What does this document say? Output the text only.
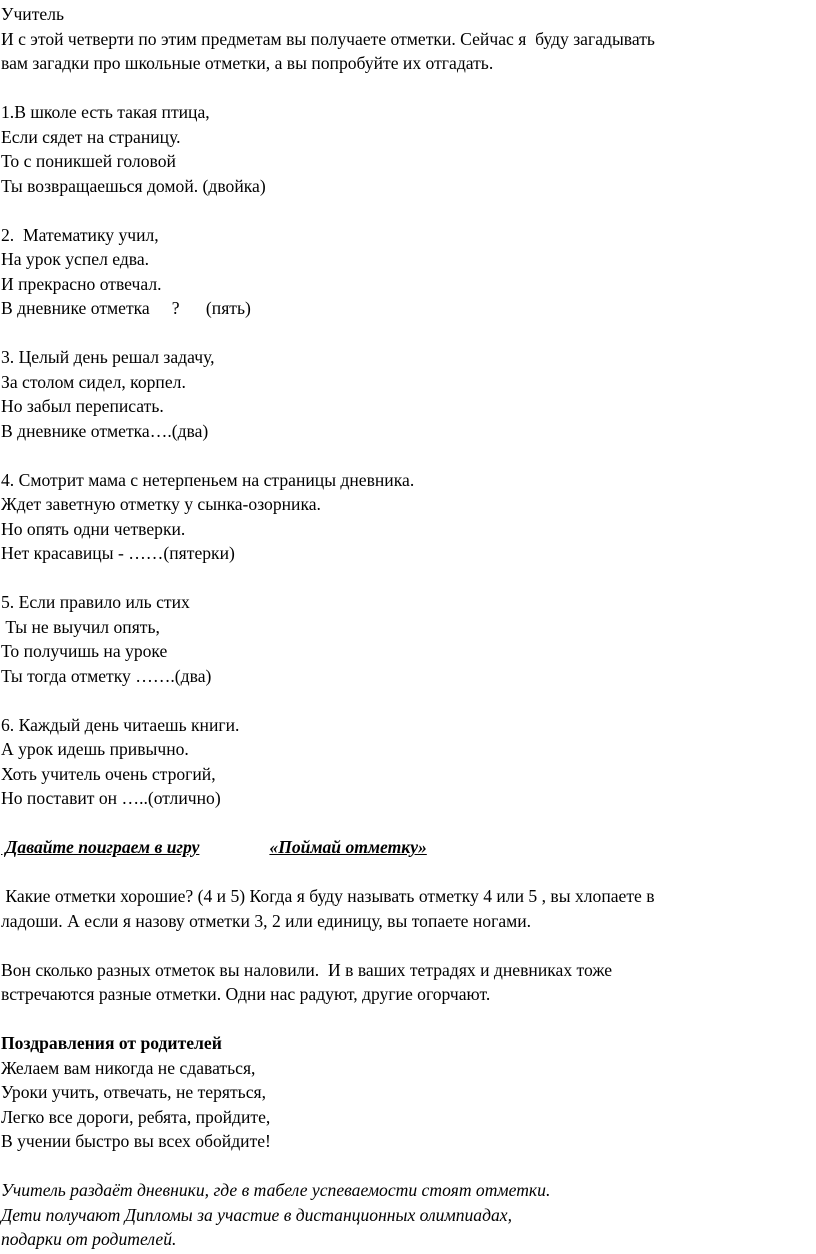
Учитель
И с этой четверти по этим предметам вы получаете отметки. Сейчас я  буду загадывать
вам загадки про школьные отметки, а вы попробуйте их отгадать.
1.В школе есть такая птица,
Если сядет на страницу.
То с поникшей головой
Ты возвращаешься домой. (двойка)
2.  Математику учил,
На урок успел едва.
И прекрасно отвечал.
В дневнике отметка     ?      (пять)
3. Целый день решал задачу,
За столом сидел, корпел.
Но забыл переписать.
В дневнике отметка….(два)
4. Смотрит мама с нетерпеньем на страницы дневника.
Ждет заветную отметку у сынка-озорника.
Но опять одни четверки.
Нет красавицы - ……(пятерки)
5. Если правило иль стих
Ты не выучил опять,
То получишь на уроке
Ты тогда отметку …….(два)
6. Каждый день читаешь книги.
А урок идешь привычно.
Хоть учитель очень строгий,
Но поставит он …..(отлично)
Давайте поиграем в игру	«Поймай отметку»
Какие отметки хорошие? (4 и 5) Когда я буду называть отметку 4 или 5 , вы хлопаете в
ладоши. А если я назову отметки 3, 2 или единицу, вы топаете ногами.
Вон сколько разных отметок вы наловили.  И в ваших тетрадях и дневниках тоже
встречаются разные отметки. Одни нас радуют, другие огорчают.
Поздравления от родителей
Желаем вам никогда не сдаваться,
Уроки учить, отвечать, не теряться,
Легко все дороги, ребята, пройдите,
В учении быстро вы всех обойдите!
Учитель раздаёт дневники, где в табеле успеваемости стоят отметки.
Дети получают Дипломы за участие в дистанционных олимпиадах,
подарки от родителей.
